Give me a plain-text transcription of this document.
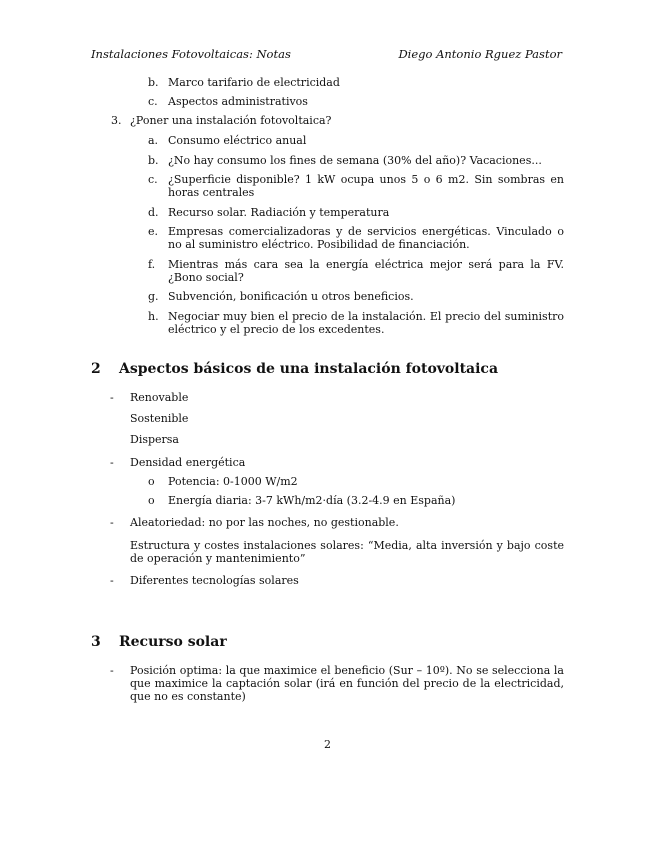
Instalaciones Fotovoltaicas: Notas	Diego Antonio Rguez Pastor
b. Marco tarifario de electricidad
c. Aspectos administrativos
3. ¿Poner una instalación fotovoltaica?
a. Consumo eléctrico anual
b. ¿No hay consumo los fines de semana (30% del año)? Vacaciones...
c. ¿Superficie disponible? 1 kW ocupa unos 5 o 6 m2. Sin sombras en horas centrales
d. Recurso solar. Radiación y temperatura
e. Empresas comercializadoras y de servicios energéticas. Vinculado o no al suministro eléctrico. Posibilidad de financiación.
f. Mientras más cara sea la energía eléctrica mejor será para la FV. ¿Bono social?
g. Subvención, bonificación u otros beneficios.
h. Negociar muy bien el precio de la instalación. El precio del suministro eléctrico y el precio de los excedentes.
2 Aspectos básicos de una instalación fotovoltaica
- Renovable
Sostenible
Dispersa
- Densidad energética
o Potencia: 0-1000 W/m2
o Energía diaria: 3-7 kWh/m2·día (3.2-4.9 en España)
- Aleatoriedad: no por las noches, no gestionable.
Estructura y costes instalaciones solares: “Media, alta inversión y bajo coste de operación y mantenimiento”
- Diferentes tecnologías solares
3 Recurso solar
- Posición optima: la que maximice el beneficio (Sur – 10º). No se selecciona la que maximice la captación solar (irá en función del precio de la electricidad, que no es constante)
2
